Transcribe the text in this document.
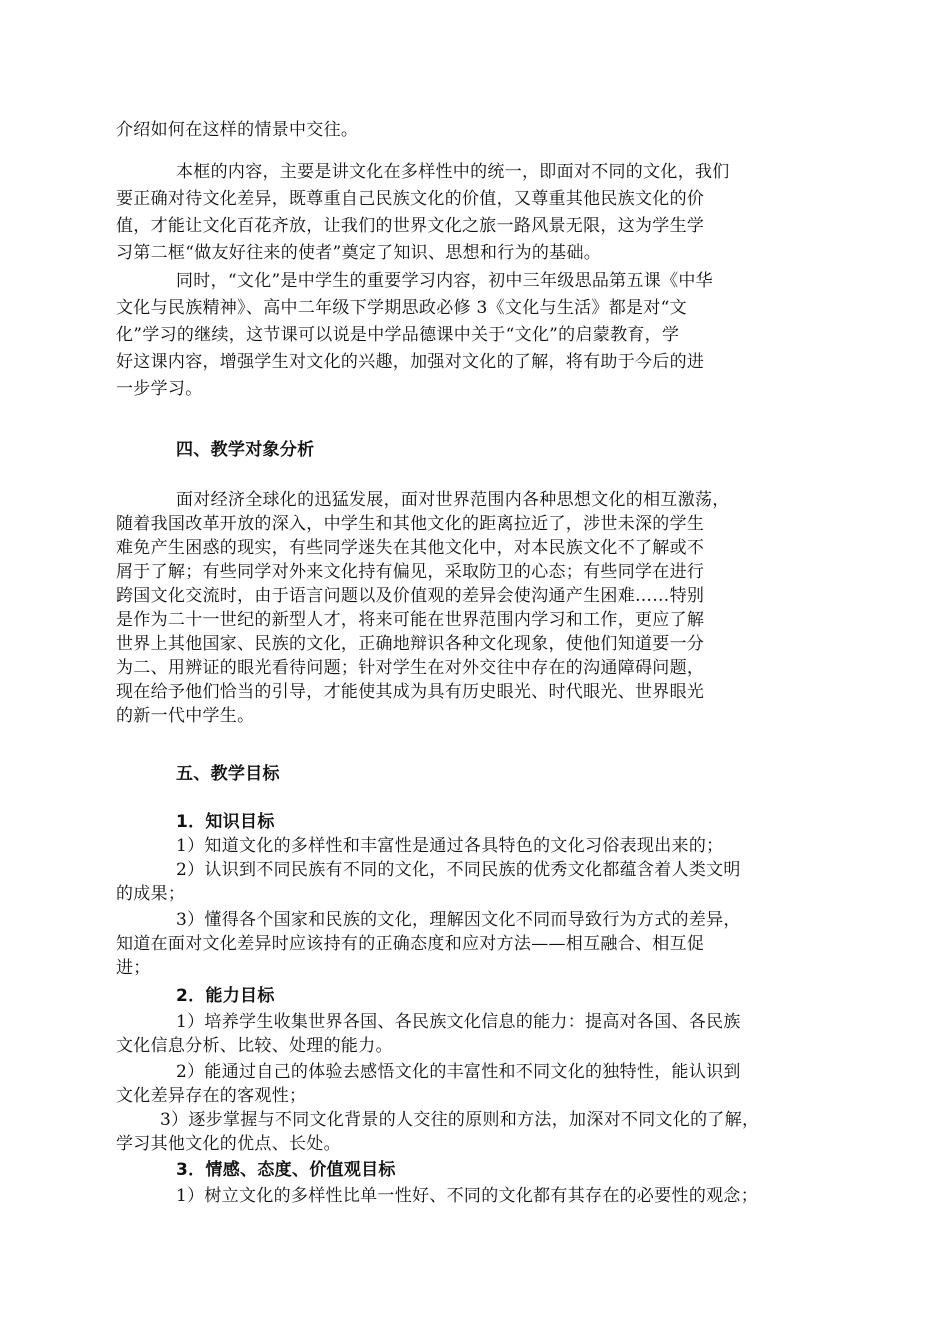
介绍如何在这样的情景中交往。
本框的内容，主要是讲文化在多样性中的统一，即面对不同的文化，我们
要正确对待文化差异，既尊重自己民族文化的价值，又尊重其他民族文化的价
值，才能让文化百花齐放，让我们的世界文化之旅一路风景无限，这为学生学
习第二框“做友好往来的使者”奠定了知识、思想和行为的基础。
同时，“文化”是中学生的重要学习内容，初中三年级思品第五课《中华
文化与民族精神》、高中二年级下学期思政必修 3《文化与生活》都是对“文
化”学习的继续，这节课可以说是中学品德课中关于“文化”的启蒙教育，学
好这课内容，增强学生对文化的兴趣，加强对文化的了解，将有助于今后的进
一步学习。
四、教学对象分析
面对经济全球化的迅猛发展，面对世界范围内各种思想文化的相互激荡，
随着我国改革开放的深入，中学生和其他文化的距离拉近了，涉世未深的学生
难免产生困惑的现实，有些同学迷失在其他文化中，对本民族文化不了解或不
屑于了解；有些同学对外来文化持有偏见，采取防卫的心态；有些同学在进行
跨国文化交流时，由于语言问题以及价值观的差异会使沟通产生困难……特别
是作为二十一世纪的新型人才，将来可能在世界范围内学习和工作，更应了解
世界上其他国家、民族的文化，正确地辩识各种文化现象，使他们知道要一分
为二、用辨证的眼光看待问题；针对学生在对外交往中存在的沟通障碍问题，
现在给予他们恰当的引导，才能使其成为具有历史眼光、时代眼光、世界眼光
的新一代中学生。
五、教学目标
1．知识目标
1）知道文化的多样性和丰富性是通过各具特色的文化习俗表现出来的；
2）认识到不同民族有不同的文化，不同民族的优秀文化都蕴含着人类文明
的成果；
3）懂得各个国家和民族的文化，理解因文化不同而导致行为方式的差异，
知道在面对文化差异时应该持有的正确态度和应对方法——相互融合、相互促
进；
2．能力目标
1）培养学生收集世界各国、各民族文化信息的能力：提高对各国、各民族
文化信息分析、比较、处理的能力。
2）能通过自己的体验去感悟文化的丰富性和不同文化的独特性，能认识到
文化差异存在的客观性；
3）逐步掌握与不同文化背景的人交往的原则和方法，加深对不同文化的了解，
学习其他文化的优点、长处。
3．情感、态度、价值观目标
1）树立文化的多样性比单一性好、不同的文化都有其存在的必要性的观念；
